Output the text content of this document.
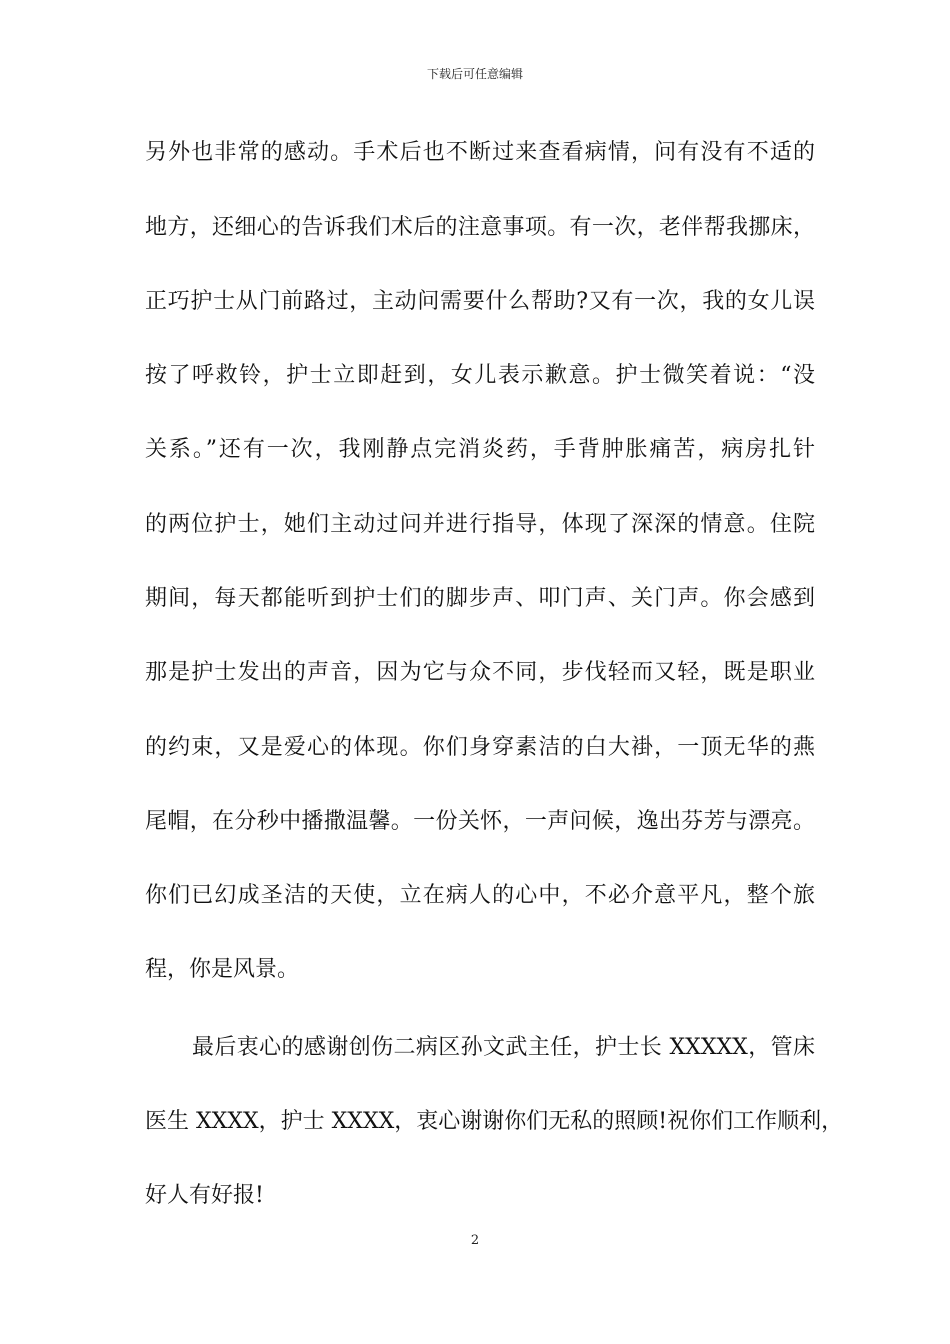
下载后可任意编辑
另外也非常的感动。手术后也不断过来查看病情，问有没有不适的
地方，还细心的告诉我们术后的注意事项。有一次，老伴帮我挪床，
正巧护士从门前路过，主动问需要什么帮助?又有一次，我的女儿误
按了呼救铃，护士立即赶到，女儿表示歉意。护士微笑着说：“没
关系。”还有一次，我刚静点完消炎药，手背肿胀痛苦，病房扎针
的两位护士，她们主动过问并进行指导，体现了深深的情意。住院
期间，每天都能听到护士们的脚步声、叩门声、关门声。你会感到
那是护士发出的声音，因为它与众不同，步伐轻而又轻，既是职业
的约束，又是爱心的体现。你们身穿素洁的白大褂，一顶无华的燕
尾帽，在分秒中播撒温馨。一份关怀，一声问候，逸出芬芳与漂亮。
你们已幻成圣洁的天使，立在病人的心中，不必介意平凡，整个旅
程，你是风景。
最后衷心的感谢创伤二病区孙文武主任，护士长 XXXXX，管床
医生 XXXX，护士 XXXX，衷心谢谢你们无私的照顾!祝你们工作顺利，
好人有好报!
2
